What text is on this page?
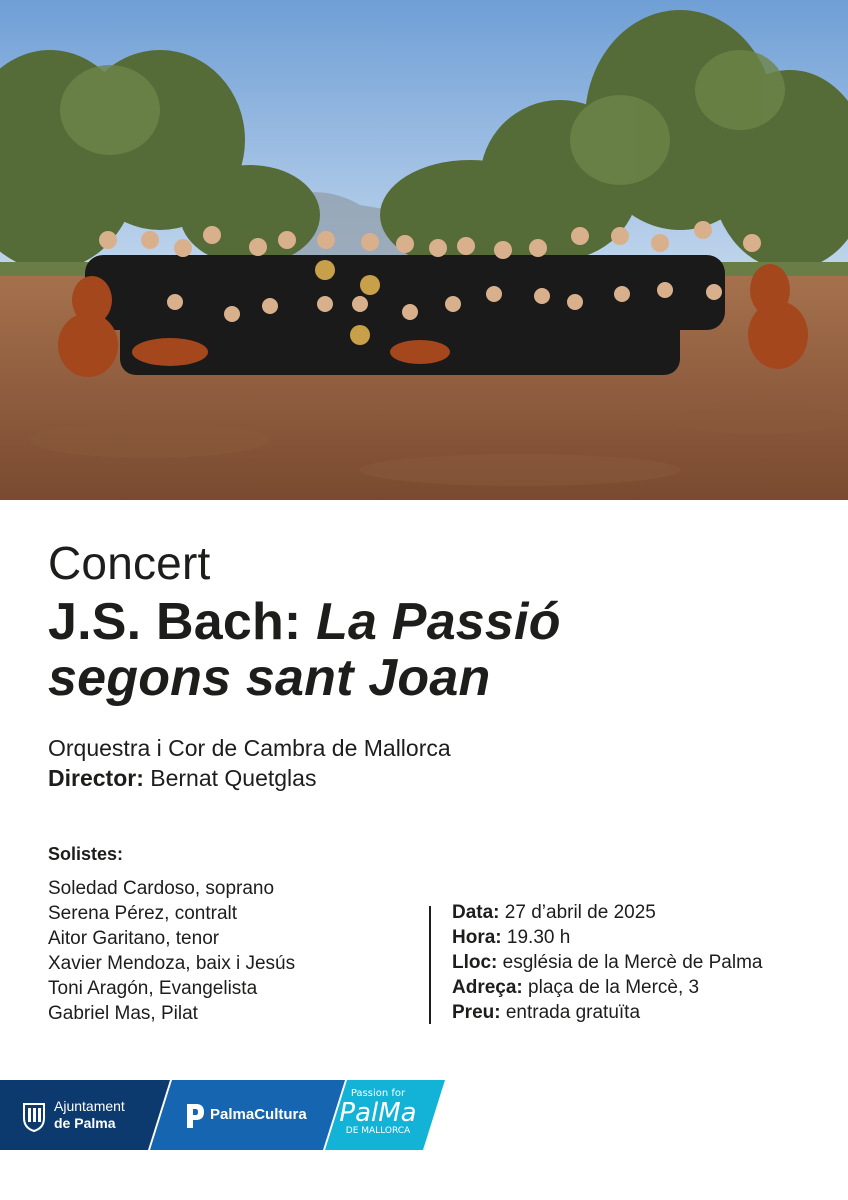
Concert
J.S. Bach: La Passió
segons sant Joan
Orquestra i Cor de Cambra de Mallorca
Director: Bernat Quetglas
Solistes:
Soledad Cardoso, soprano
Serena Pérez, contralt
Aitor Garitano, tenor
Xavier Mendoza, baix i Jesús
Toni Aragón, Evangelista
Gabriel Mas, Pilat
Data: 27 d’abril de 2025
Hora: 19.30 h
Lloc: església de la Mercè de Palma
Adreça: plaça de la Mercè, 3
Preu: entrada gratuïta
Ajuntament
de Palma	PalmaCultura
Passion for
PalMa
DE MALLORCA
